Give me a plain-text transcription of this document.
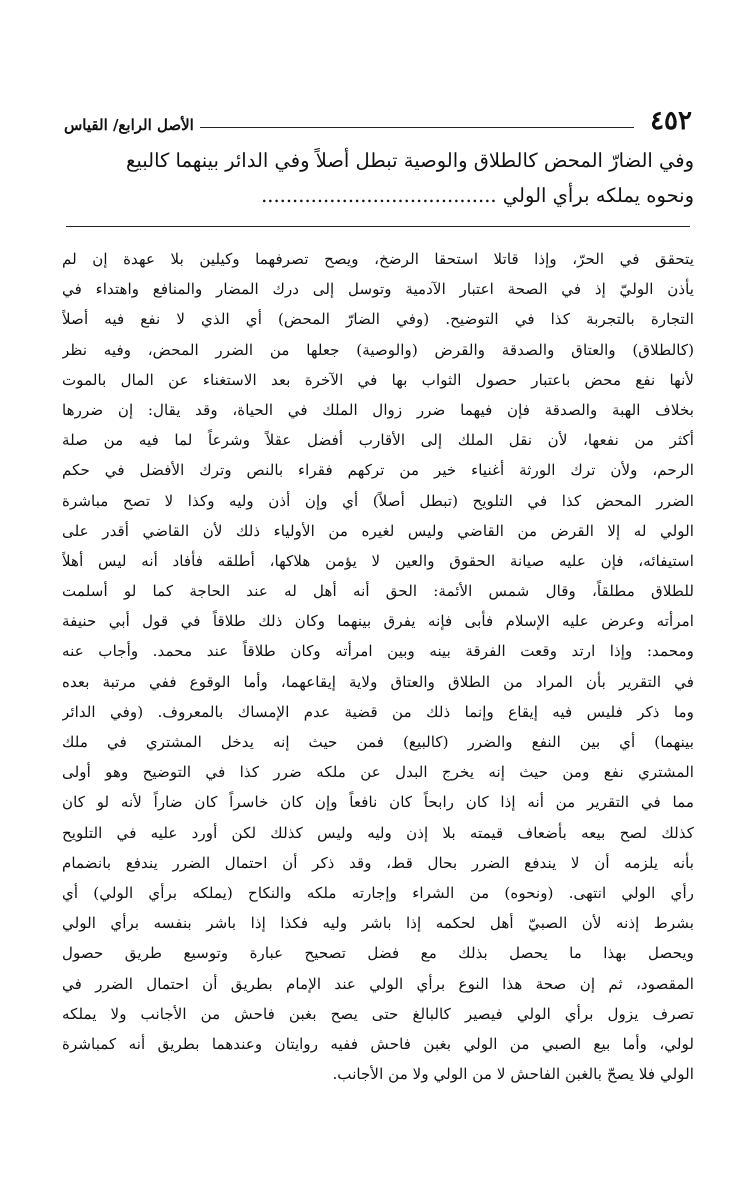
٤٥٢
الأصل الرابع/ القياس

وفي الضارّ المحض كالطلاق والوصية تبطل أصلاً وفي الدائر بينهما كالبيع

ونحوه يملكه برأي الولي ......................................

يتحقق في الحرّ، وإذا قاتلا استحقا الرضخ، ويصح تصرفهما وكيلين بلا عهدة إن لم
يأذن الوليّ إذ في الصحة اعتبار الآدمية وتوسل إلى درك المضار والمنافع واهتداء في
التجارة بالتجربة كذا في التوضيح. (وفي الضارّ المحض) أي الذي لا نفع فيه أصلاً
(كالطلاق) والعتاق والصدقة والقرض (والوصية) جعلها من الضرر المحض، وفيه نظر
لأنها نفع محض باعتبار حصول الثواب بها في الآخرة بعد الاستغناء عن المال بالموت
بخلاف الهبة والصدقة فإن فيهما ضرر زوال الملك في الحياة، وقد يقال: إن ضررها
أكثر من نفعها، لأن نقل الملك إلى الأقارب أفضل عقلاً وشرعاً لما فيه من صلة
الرحم، ولأن ترك الورثة أغنياء خير من تركهم فقراء بالنص وترك الأفضل في حكم
الضرر المحض كذا في التلويح (تبطل أصلاً) أي وإن أذن وليه وكذا لا تصح مباشرة
الولي له إلا القرض من القاضي وليس لغيره من الأولياء ذلك لأن القاضي أقدر على
استيفائه، فإن عليه صيانة الحقوق والعين لا يؤمن هلاكها، أطلقه فأفاد أنه ليس أهلاً
للطلاق مطلقاً، وقال شمس الأئمة: الحق أنه أهل له عند الحاجة كما لو أسلمت
امرأته وعرض عليه الإسلام فأبى فإنه يفرق بينهما وكان ذلك طلاقاً في قول أبي حنيفة
ومحمد: وإذا ارتد وقعت الفرقة بينه وبين امرأته وكان طلاقاً عند محمد. وأجاب عنه
في التقرير بأن المراد من الطلاق والعتاق ولاية إيقاعهما، وأما الوقوع ففي مرتبة بعده
وما ذكر فليس فيه إيقاع وإنما ذلك من قضية عدم الإمساك بالمعروف. (وفي الدائر
بينهما) أي بين النفع والضرر (كالبيع) فمن حيث إنه يدخل المشتري في ملك
المشتري نفع ومن حيث إنه يخرج البدل عن ملكه ضرر كذا في التوضيح وهو أولى
مما في التقرير من أنه إذا كان رابحاً كان نافعاً وإن كان خاسراً كان ضاراً لأنه لو كان
كذلك لصح بيعه بأضعاف قيمته بلا إذن وليه وليس كذلك لكن أورد عليه في التلويح
بأنه يلزمه أن لا يندفع الضرر بحال قط، وقد ذكر أن احتمال الضرر يندفع بانضمام
رأي الولي انتهى. (ونحوه) من الشراء وإجارته ملكه والنكاح (يملكه برأي الولي) أي
بشرط إذنه لأن الصبيّ أهل لحكمه إذا باشر وليه فكذا إذا باشر بنفسه برأي الولي
ويحصل بهذا ما يحصل بذلك مع فضل تصحيح عبارة وتوسيع طريق حصول
المقصود، ثم إن صحة هذا النوع برأي الولي عند الإمام بطريق أن احتمال الضرر في
تصرف يزول برأي الولي فيصير كالبالغ حتى يصح بغبن فاحش من الأجانب ولا يملكه
لولي، وأما بيع الصبي من الولي بغبن فاحش ففيه روايتان وعندهما بطريق أنه كمباشرة
الولي فلا يصحّ بالغبن الفاحش لا من الولي ولا من الأجانب.
